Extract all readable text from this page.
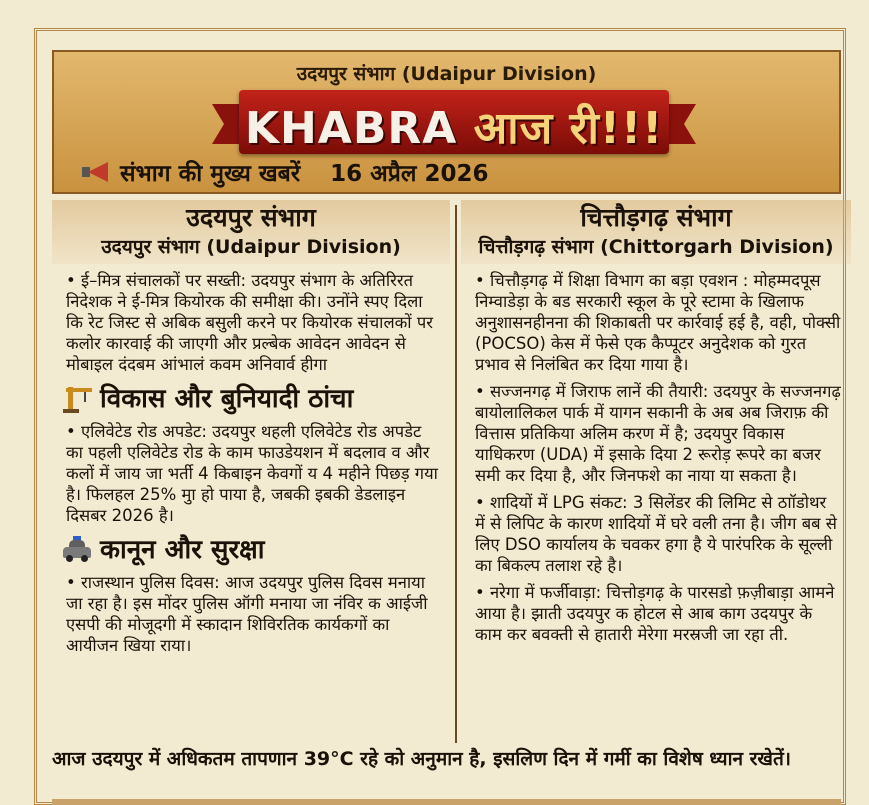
उदयपुर संभाग (Udaipur Division)
KHABRA आज री!!!
संभाग की मुख्य खबरें 16 अप्रैल 2026
उदयपुर संभाग
उदयपुर संभाग (Udaipur Division)
• ई–मित्र संचालकों पर सख्ती: उदयपुर संभाग के अतिरिरत निदेशक ने ई-मित्र कियोरक की समीक्षा की। उनोंने स्पए दिला कि रेट जिस्ट से अबिक बसुली करने पर कियोरक संचालकों पर कलोर कारवाई की जाएगी और प्रल्बेक आवेदन आवेदन से मोबाइल दंदबम आंभालं कवम अनिवार्व हीगा
विकास और बुनियादी ठांचा
• एलिवेटेड रोड अपडेट: उदयपुर थहली एलिवेटेड रोड अपडेट का पहली एलिवेटेड रोड के काम फाउडेयशन में बदलाव व और कलों में जाय जा भर्ती 4 किबाइन केवगों य 4 महीने पिछड़ गया है। फिलहल 25% मुा हो पाया है, जबकी इबकी डेडलाइन दिसबर 2026 है।
कानून और सुरक्षा
• राजस्थान पुलिस दिवस: आज उदयपुर पुलिस दिवस मनाया जा रहा है। इस मोंदर पुलिस ऑगी मनाया जा नंविर क आईजी एसपी की मोजूदगी में स्कादान शिविरतिक कार्यकगों का आयीजन खिया राया।
चित्तौड़गढ़ संभाग
चित्तौड़गढ़ संभाग (Chittorgarh Division)
• चित्तौड़गढ़ में शिक्षा विभाग का बड़ा एवशन : मोहम्मदपूस निम्वाडेड़ा के बड सरकारी स्कूल के पूरे स्टामा के खिलाफ अनुशासनहीनना की शिकाबती पर कार्रवाई हई है, वही, पोक्सी (POCSO) केस में फेसे एक कैप्पूटर अनुदेशक को गुरत प्रभाव से निलंबित कर दिया गाया है।
• सज्जनगढ़ में जिराफ लानें की तैयारी: उदयपुर के सज्जनगढ़ बायोलालिकल पार्क में यागन सकानी के अब अब जिराफ़ की वित्तास प्रतिकिया अलिम करण में है; उदयपुर विकास याधिकरण (UDA) में इसाके दिया 2 रूरोड़ रूपरे का बजर समी कर दिया है, और जिनफशे का नाया या सकता है।
• शादियों में LPG संकट: 3 सिलेंडर की लिमिट से ठाॉडोथर में से लिपिट के कारण शादियों में घरे वली तना है। जीग बब से लिए DSO कार्यालय के चवकर हगा है ये पारंपरिक के सूल्ली का बिकल्प तलाश रहे है।
• नरेगा में फर्जीवाड़ा: चित्तोड़गढ़ के पारसडो फ़ज़ीबाड़ा आमने आया है। झाती उदयपुर क होटल से आब काग उदयपुर के काम कर बवक्ती से हातारी मेरेगा मरस्रजी जा रहा ती.
आज उदयपुर में अधिकतम तापणान 39°C रहे को अनुमान है, इसलिण दिन में गर्मी का विशेष ध्यान रखेतें।
